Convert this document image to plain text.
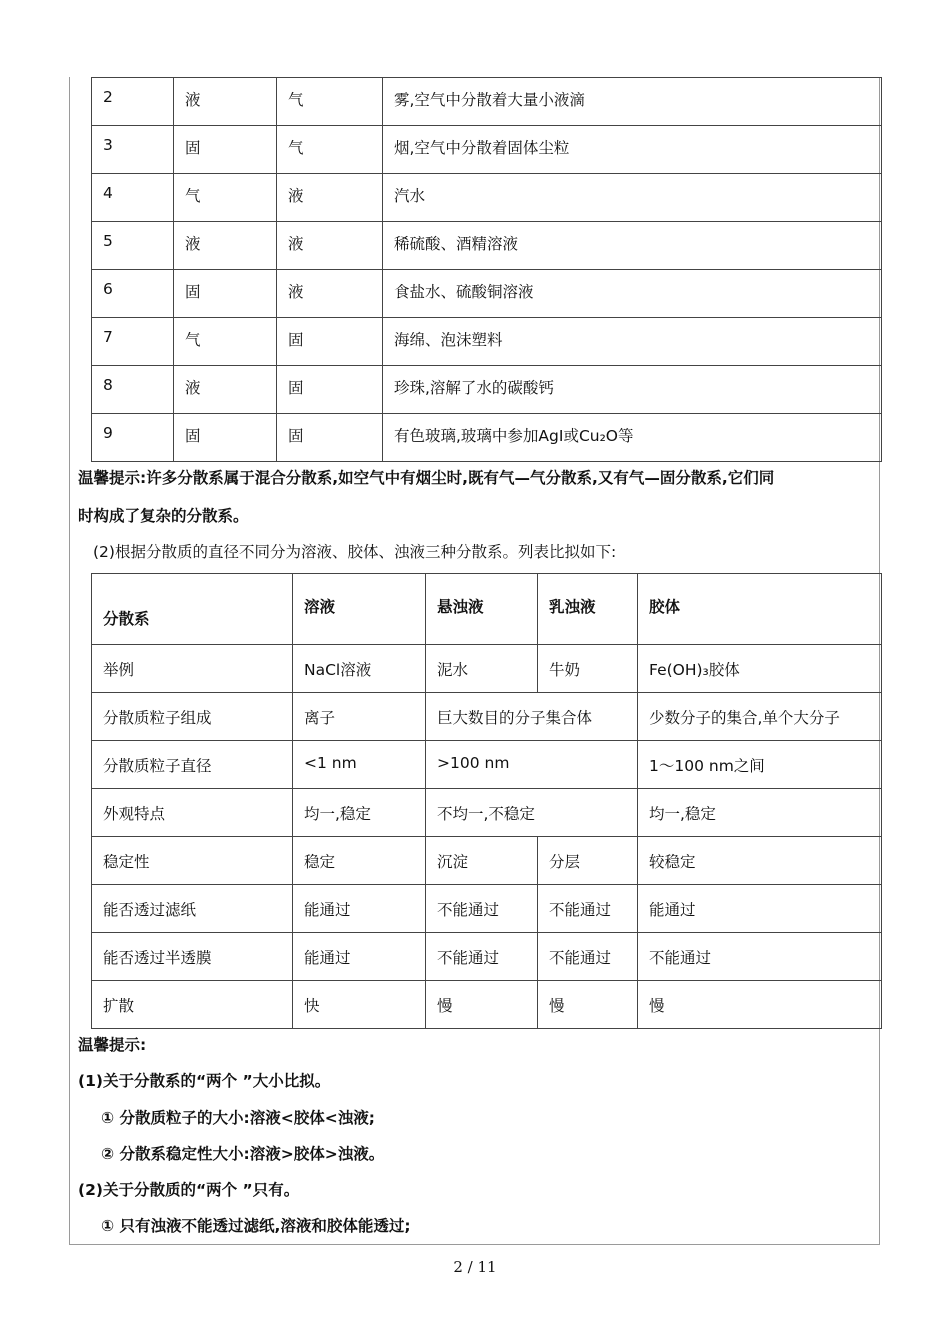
2	液	气	雾,空气中分散着大量小液滴
3	固	气	烟,空气中分散着固体尘粒
4	气	液	汽水
5	液	液	稀硫酸、酒精溶液
6	固	液	食盐水、硫酸铜溶液
7	气	固	海绵、泡沫塑料
8	液	固	珍珠,溶解了水的碳酸钙
9	固	固	有色玻璃,玻璃中参加AgI或Cu₂O等
温馨提示:许多分散系属于混合分散系,如空气中有烟尘时,既有气—气分散系,又有气—固分散系,它们同
时构成了复杂的分散系。
(2)根据分散质的直径不同分为溶液、胶体、浊液三种分散系。列表比拟如下:
分散系	溶液	悬浊液	乳浊液	胶体
举例	NaCl溶液	泥水	牛奶	Fe(OH)₃胶体
分散质粒子组成	离子	巨大数目的分子集合体		少数分子的集合,单个大分子
分散质粒子直径	<1 nm	>100 nm		1～100 nm之间
外观特点	均一,稳定	不均一,不稳定		均一,稳定
稳定性	稳定	沉淀	分层	较稳定
能否透过滤纸	能通过	不能通过	不能通过	能通过
能否透过半透膜	能通过	不能通过	不能通过	不能通过
扩散	快	慢	慢	慢
温馨提示:
(1)关于分散系的“两个 ”大小比拟。
① 分散质粒子的大小:溶液<胶体<浊液;
② 分散系稳定性大小:溶液>胶体>浊液。
(2)关于分散质的“两个 ”只有。
① 只有浊液不能透过滤纸,溶液和胶体能透过;
2 / 11
